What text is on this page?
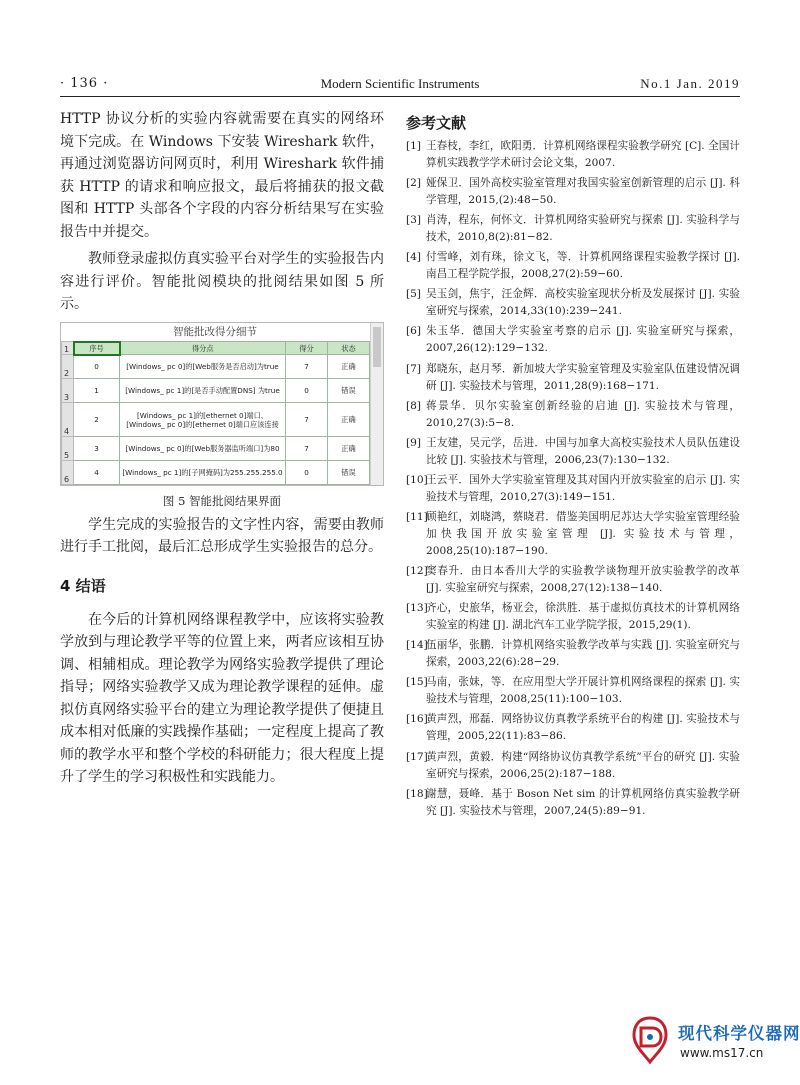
· 136 ·	Modern Scientific Instruments	No.1 Jan. 2019

HTTP 协议分析的实验内容就需要在真实的网络环境下完成。在 Windows 下安装 Wireshark 软件，再通过浏览器访问网页时，利用 Wireshark 软件捕获 HTTP 的请求和响应报文，最后将捕获的报文截图和 HTTP 头部各个字段的内容分析结果写在实验报告中并提交。

教师登录虚拟仿真实验平台对学生的实验报告内容进行评价。智能批阅模块的批阅结果如图 5 所示。

智能批改得分细节
1	序号	得分点	得分	状态
2	0	[Windows_ pc 0]的[Web服务是否启动]为true	7	正确
3	1	[Windows_ pc 1]的[是否手动配置DNS] 为true	0	错误
4	2	[Windows_ pc 1]的[ethernet 0]端口、[Windows_ pc 0]的[ethernet 0]端口应该连接	7	正确
5	3	[Windows_ pc 0]的[Web服务器监听端口]为80	7	正确
6	4	[Windows_ pc 1]的[子网掩码]为255.255.255.0	0	错误
图 5 智能批阅结果界面

学生完成的实验报告的文字性内容，需要由教师进行手工批阅，最后汇总形成学生实验报告的总分。

4 结语

在今后的计算机网络课程教学中，应该将实验教学放到与理论教学平等的位置上来，两者应该相互协调、相辅相成。理论教学为网络实验教学提供了理论指导；网络实验教学又成为理论教学课程的延伸。虚拟仿真网络实验平台的建立为理论教学提供了便捷且成本相对低廉的实践操作基础；一定程度上提高了教师的教学水平和整个学校的科研能力；很大程度上提升了学生的学习积极性和实践能力。

参考文献

[1] 王春枝，李红，欧阳勇．计算机网络课程实验教学研究 [C]. 全国计算机实践教学学术研讨会论文集，2007.

[2] 娅保卫．国外高校实验室管理对我国实验室创新管理的启示 [J]. 科学管理，2015,(2):48−50.

[3] 肖涛，程东，何怀文．计算机网络实验研究与探索 [J]. 实验科学与技术，2010,8(2):81−82.

[4] 付雪峰，刘有珠，徐文飞，等．计算机网络课程实验教学探讨 [J]. 南昌工程学院学报，2008,27(2):59−60.

[5] 吴玉剑，焦宇，汪金辉．高校实验室现状分析及发展探讨 [J]. 实验室研究与探索，2014,33(10):239−241.

[6] 朱玉华．德国大学实验室考察的启示 [J]. 实验室研究与探索，2007,26(12):129−132.

[7] 郑晓东，赵月琴．新加坡大学实验室管理及实验室队伍建设情况调研 [J]. 实验技术与管理，2011,28(9):168−171.

[8] 蒋景华．贝尔实验室创新经验的启迪 [J]. 实验技术与管理，2010,27(3):5−8.

[9] 王友建，吴元学，岳进．中国与加拿大高校实验技术人员队伍建设比较 [J]. 实验技术与管理，2006,23(7):130−132.

[10]
王云平．国外大学实验室管理及其对国内开放实验室的启示 [J]. 实验技术与管理，2010,27(3):149−151.

[11]
顾艳红，刘晓鸿，蔡晓君．借鉴美国明尼苏达大学实验室管理经验加快我国开放实验室管理 [J]. 实验技术与管理，2008,25(10):187−190.

[12]
窦春升．由日本香川大学的实验教学谈物理开放实验教学的改革 [J]. 实验室研究与探索，2008,27(12):138−140.

[13]
齐心，史旅华，杨亚会，徐洪胜．基于虚拟仿真技术的计算机网络实验室的构建 [J]. 湖北汽车工业学院学报，2015,29(1).

[14]
伍丽华，张鹏．计算机网络实验教学改革与实践 [J]. 实验室研究与探索，2003,22(6):28−29.

[15]
马南，张妹，等．在应用型大学开展计算机网络课程的探索 [J]. 实验技术与管理，2008,25(11):100−103.

[16]
黄声烈，邢磊．网络协议仿真教学系统平台的构建 [J]. 实验技术与管理，2005,22(11):83−86.

[17]
黄声烈，黄毅．构建“网络协议仿真教学系统”平台的研究 [J]. 实验室研究与探索，2006,25(2):187−188.

[18]
谢慧，聂峰．基于 Boson Net sim 的计算机网络仿真实验教学研究 [J]. 实验技术与管理，2007,24(5):89−91.

现代科学仪器网
www.ms17.cn
